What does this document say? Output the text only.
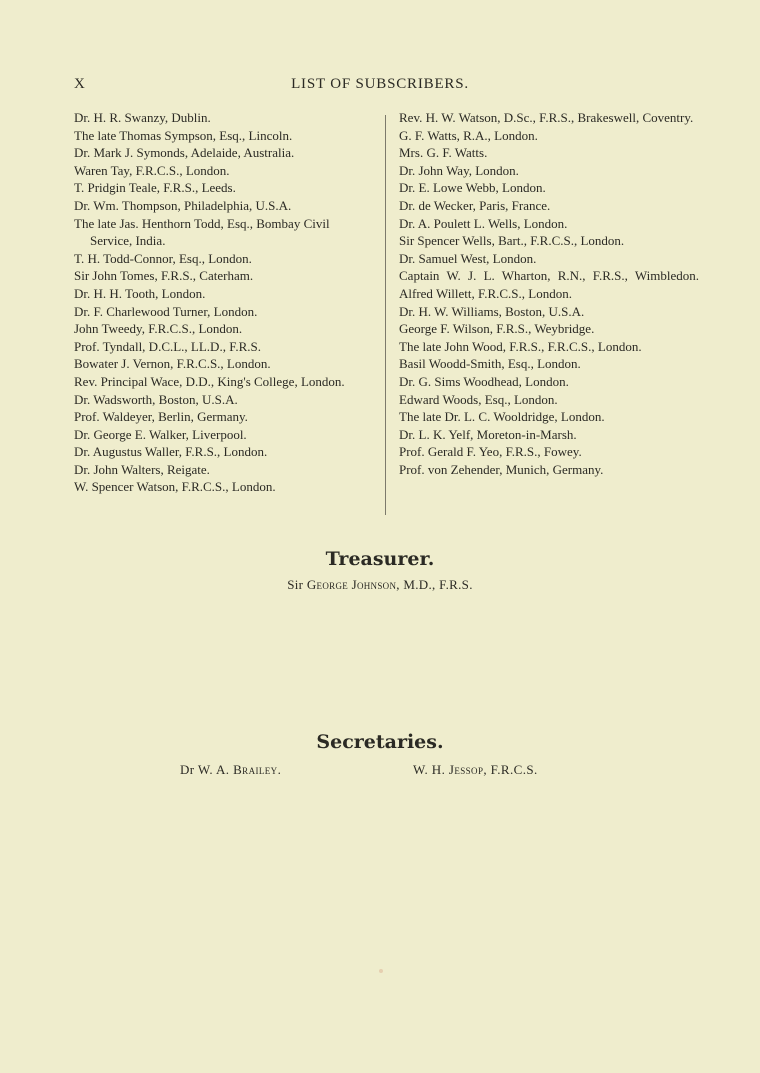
X	LIST OF SUBSCRIBERS.

Dr. H. R. Swanzy, Dublin.

The late Thomas Sympson, Esq., Lincoln.

Dr. Mark J. Symonds, Adelaide, Australia.

Waren Tay, F.R.C.S., London.

T. Pridgin Teale, F.R.S., Leeds.

Dr. Wm. Thompson, Philadelphia, U.S.A.

The late Jas. Henthorn Todd, Esq., Bombay Civil Service, India.

T. H. Todd-Connor, Esq., London.

Sir John Tomes, F.R.S., Caterham.

Dr. H. H. Tooth, London.

Dr. F. Charlewood Turner, London.

John Tweedy, F.R.C.S., London.

Prof. Tyndall, D.C.L., LL.D., F.R.S.

Bowater J. Vernon, F.R.C.S., London.

Rev. Principal Wace, D.D., King's College, London.

Dr. Wadsworth, Boston, U.S.A.

Prof. Waldeyer, Berlin, Germany.

Dr. George E. Walker, Liverpool.

Dr. Augustus Waller, F.R.S., London.

Dr. John Walters, Reigate.

W. Spencer Watson, F.R.C.S., London.

Rev. H. W. Watson, D.Sc., F.R.S., Brakeswell, Coventry.

G. F. Watts, R.A., London.

Mrs. G. F. Watts.

Dr. John Way, London.

Dr. E. Lowe Webb, London.

Dr. de Wecker, Paris, France.

Dr. A. Poulett L. Wells, London.

Sir Spencer Wells, Bart., F.R.C.S., London.

Dr. Samuel West, London.

Captain W. J. L. Wharton, R.N., F.R.S., Wimbledon.

Alfred Willett, F.R.C.S., London.

Dr. H. W. Williams, Boston, U.S.A.

George F. Wilson, F.R.S., Weybridge.

The late John Wood, F.R.S., F.R.C.S., London.

Basil Woodd-Smith, Esq., London.

Dr. G. Sims Woodhead, London.

Edward Woods, Esq., London.

The late Dr. L. C. Wooldridge, London.

Dr. L. K. Yelf, Moreton-in-Marsh.

Prof. Gerald F. Yeo, F.R.S., Fowey.

Prof. von Zehender, Munich, Germany.

Treasurer.
Sir George Johnson, M.D., F.R.S.
Secretaries.
Dr W. A. Brailey.	W. H. Jessop, F.R.C.S.
